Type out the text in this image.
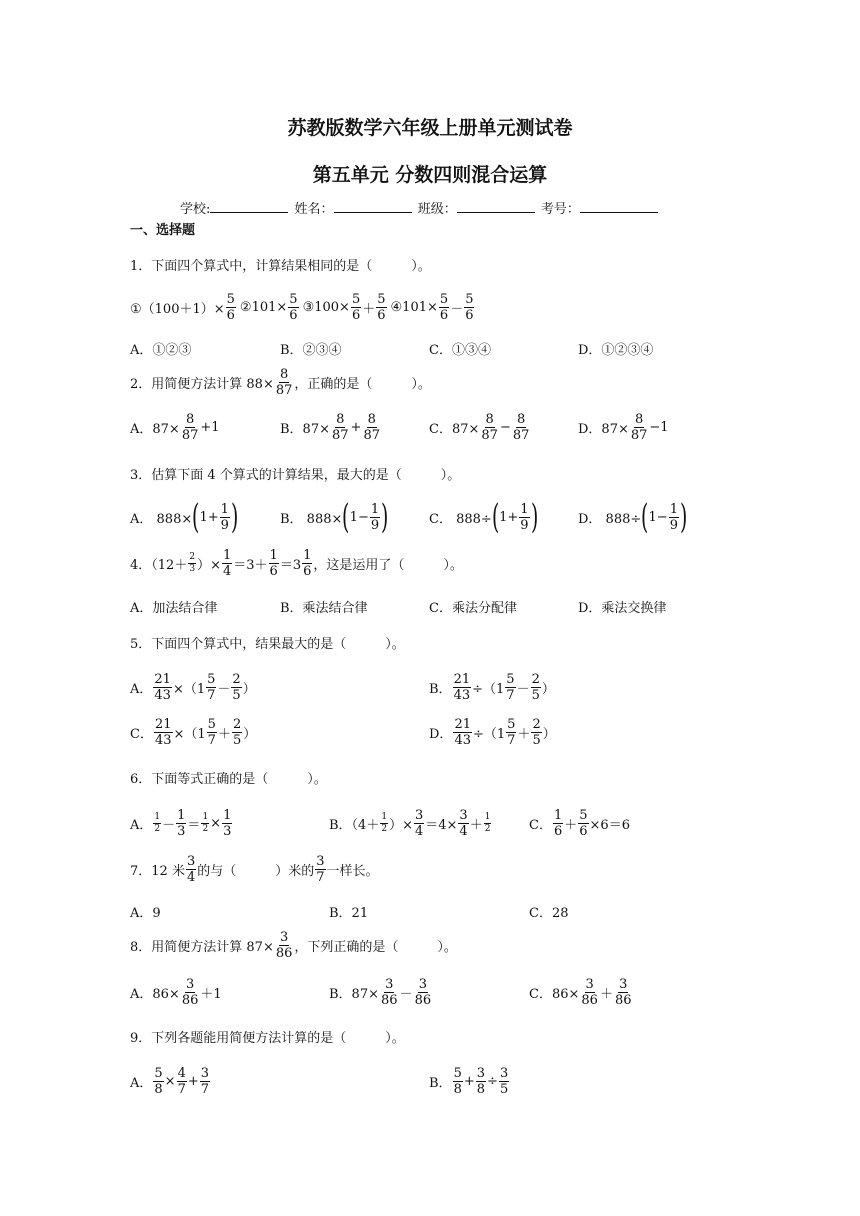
苏教版数学六年级上册单元测试卷
第五单元 分数四则混合运算
学校:	姓名：	班级：	考号：
一、选择题
1．下面四个算式中，计算结果相同的是（　　　）。
①（100＋1）× $\frac{5}{6}$ ②101× $\frac{5}{6}$ ③100× $\frac{5}{6} + \frac{5}{6}$ ④101× $\frac{5}{6} - \frac{5}{6}$
A．①②③	B．②③④	C．①③④	D．①②③④
2．用简便方法计算 $88\times \frac{8}{87}$ ，正确的是（　　　）。
A．$87\times \frac{8}{87} +1$	B．$87\times \frac{8}{87} + \frac{8}{87}$	C．$87\times \frac{8}{87} - \frac{8}{87}$	D．$87\times \frac{8}{87} -1$
3．估算下面 4 个算式的计算结果，最大的是（　　　）。
A． 888× ( $1+ \frac{1}{9}$ )	B． 888× ( $1- \frac{1}{9}$ )	C． 888÷ ( $1+ \frac{1}{9}$ )	D． 888÷ ( $1- \frac{1}{9}$ )
4．（$12+ \frac{2}{3}$ ）× $\frac{1}{4} =3+ \frac{1}{6} =3 \frac{1}{6}$ ，这是运用了（　　　）。
A．加法结合律	B．乘法结合律	C．乘法分配律	D．乘法交换律
5．下面四个算式中，结果最大的是（　　　）。
A． $\frac{21}{43} \times(1 \frac{5}{7} - \frac{2}{5}$ ）	B． $\frac{21}{43} \div(1 \frac{5}{7} - \frac{2}{5}$ ）
C． $\frac{21}{43} \times(1 \frac{5}{7} + \frac{2}{5}$ ）	D． $\frac{21}{43} \div(1 \frac{5}{7} + \frac{2}{5}$ ）
6．下面等式正确的是（　　　）。
A． $\frac{1}{2} - \frac{1}{3} = \frac{1}{2} \times \frac{1}{3}$	B．（$4+ \frac{1}{2}$ ）× $\frac{3}{4} =4\times \frac{3}{4} + \frac{1}{2}$	C． $\frac{1}{6} + \frac{5}{6} \times 6=6$
7．12 米 $\frac{3}{4}$ 的与（　　　）米的 $\frac{3}{7}$ 一样长。
A．9	B．21	C．28
8．用简便方法计算 $87\times \frac{3}{86}$ ，下列正确的是（　　　）。
A．$86\times \frac{3}{86} +1$	B．$87\times \frac{3}{86} - \frac{3}{86}$	C．$86\times \frac{3}{86} + \frac{3}{86}$
9．下列各题能用简便方法计算的是（　　　）。
A． $\frac{5}{8} \times \frac{4}{7} + \frac{3}{7}$	B． $\frac{5}{8} + \frac{3}{8} \div \frac{3}{5}$
